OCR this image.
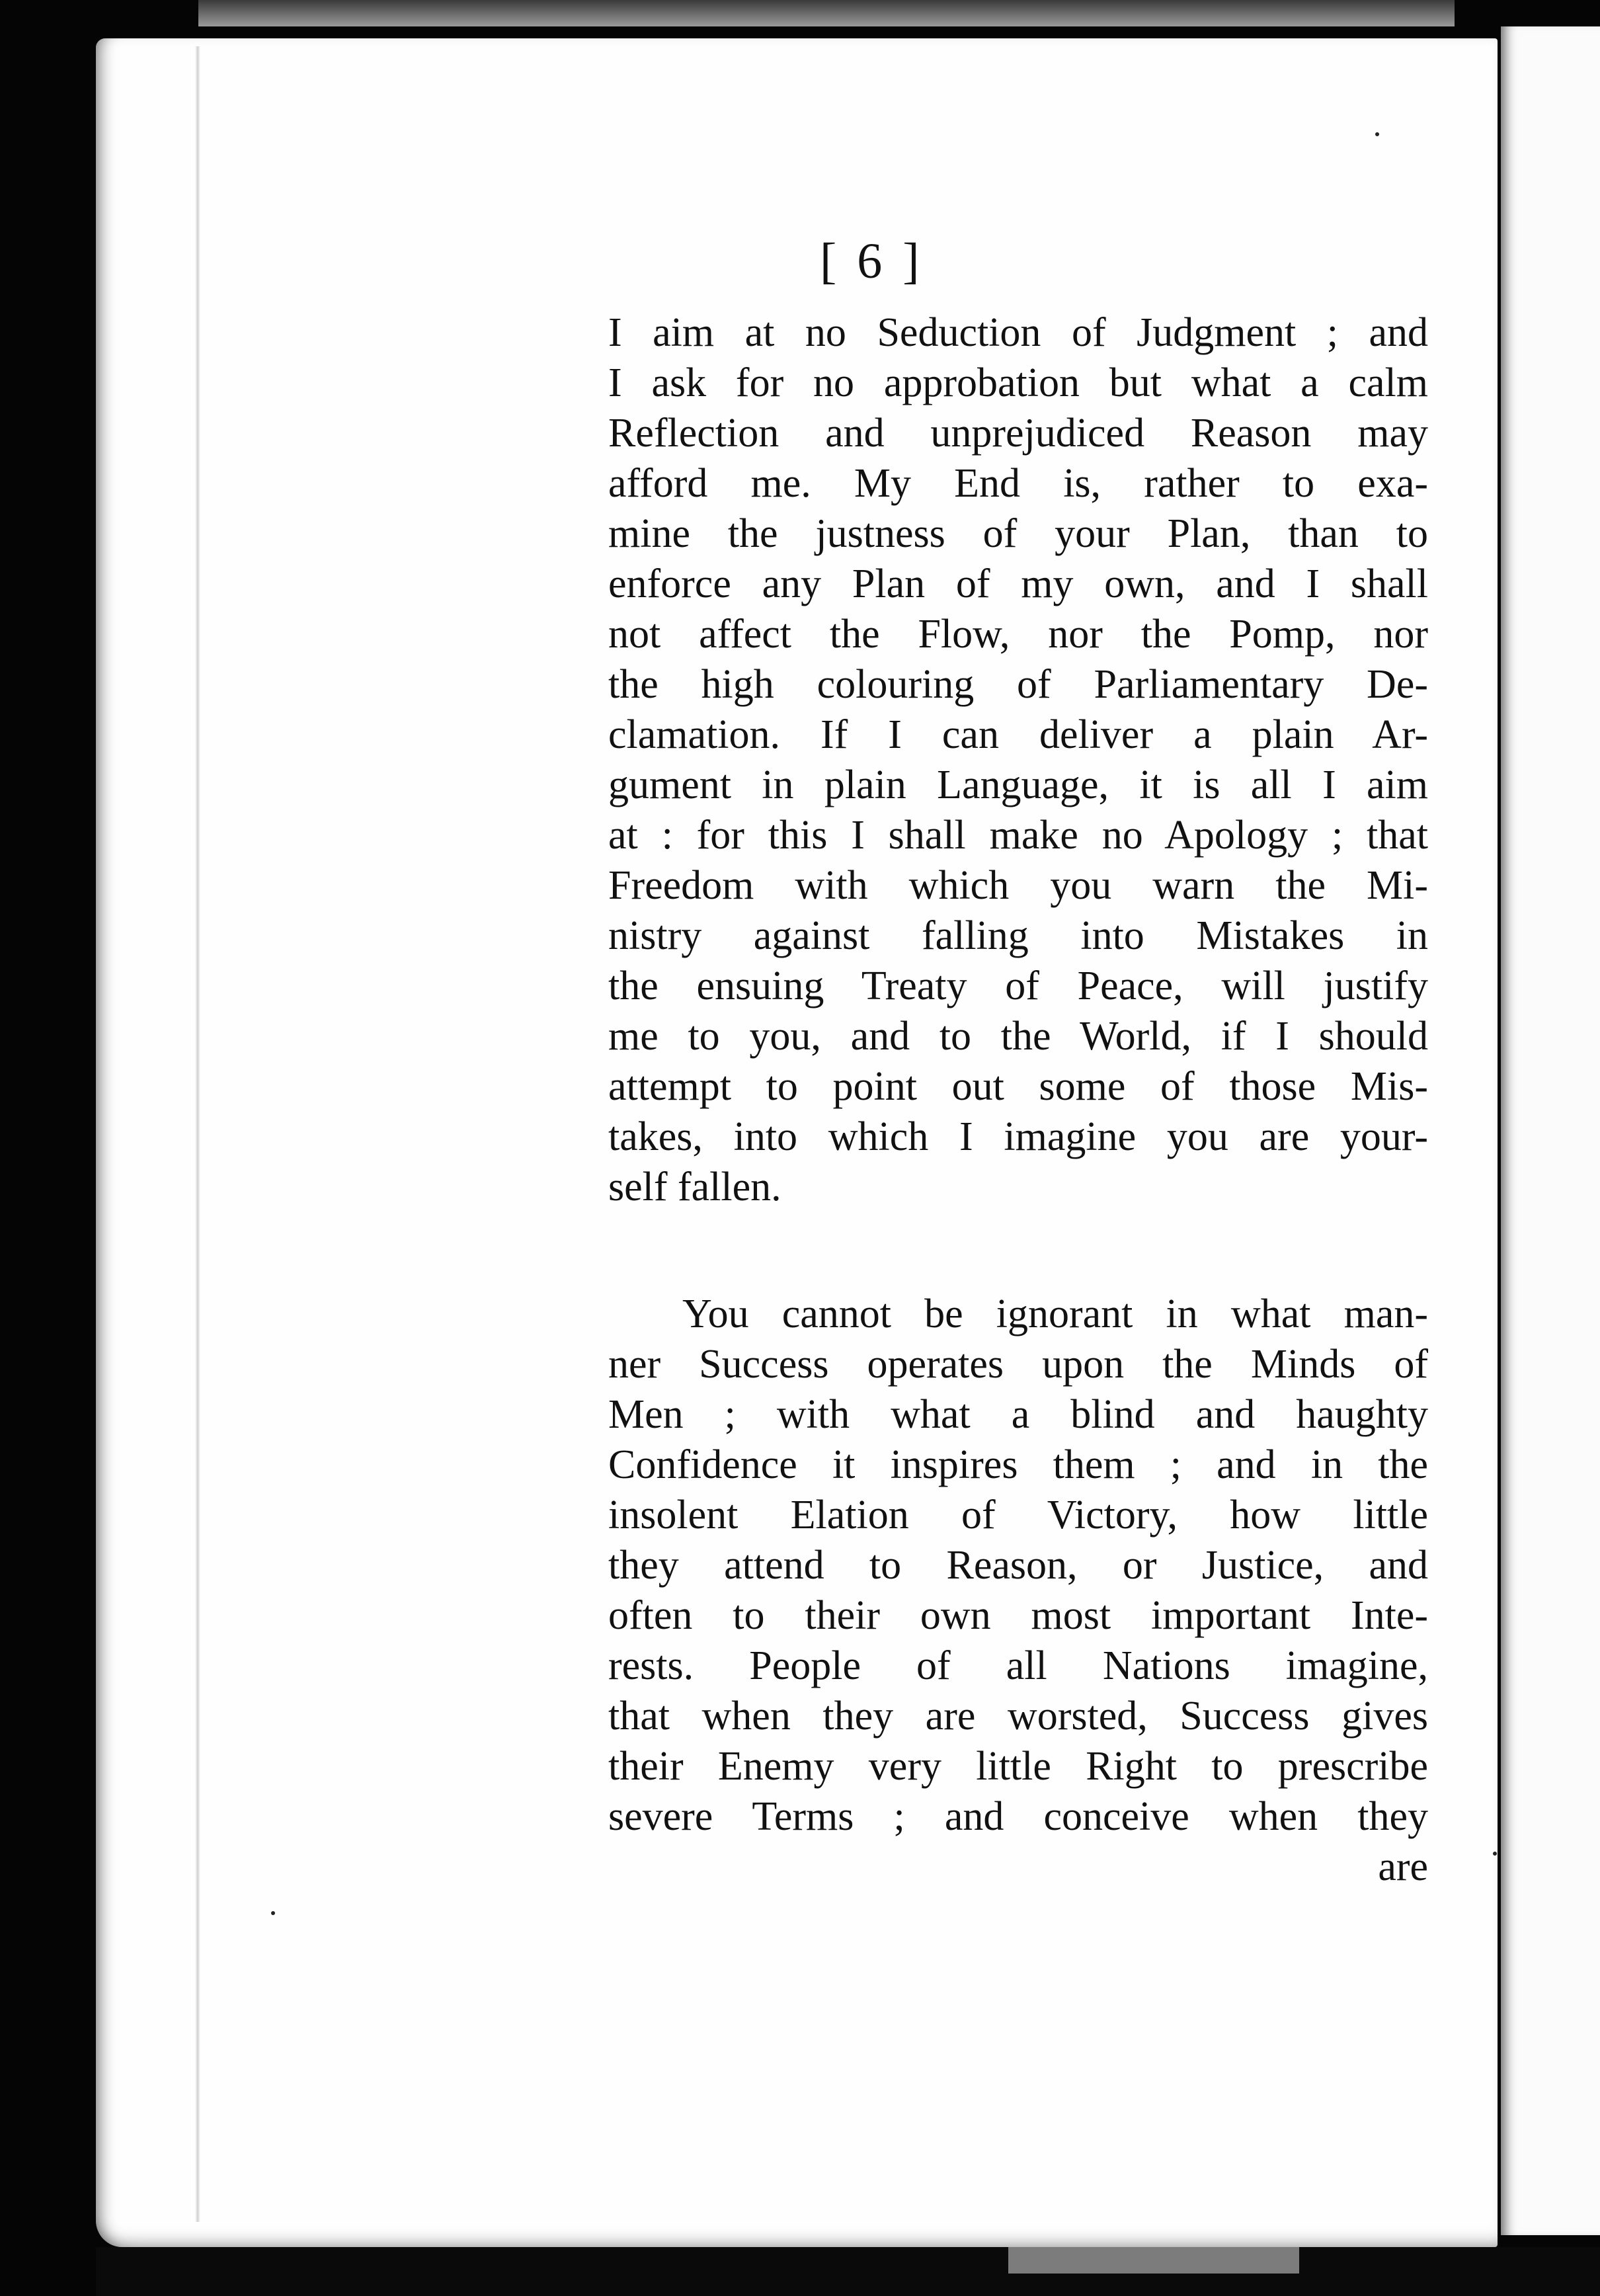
[ 6 ]
I aim at no Seduction of Judgment ; and
I ask for no approbation but what a calm
Reflection and unprejudiced Reason may
afford me. My End is, rather to exa-
mine the justness of your Plan, than to
enforce any Plan of my own, and I shall
not affect the Flow, nor the Pomp, nor
the high colouring of Parliamentary De-
clamation. If I can deliver a plain Ar-
gument in plain Language, it is all I aim
at : for this I shall make no Apology ; that
Freedom with which you warn the Mi-
nistry against falling into Mistakes in
the ensuing Treaty of Peace, will justify
me to you, and to the World, if I should
attempt to point out some of those Mis-
takes, into which I imagine you are your-
self fallen.
You cannot be ignorant in what man-
ner Success operates upon the Minds of
Men ; with what a blind and haughty
Confidence it inspires them ; and in the
insolent Elation of Victory, how little
they attend to Reason, or Justice, and
often to their own most important Inte-
rests. People of all Nations imagine,
that when they are worsted, Success gives
their Enemy very little Right to prescribe
severe Terms ; and conceive when they
are
